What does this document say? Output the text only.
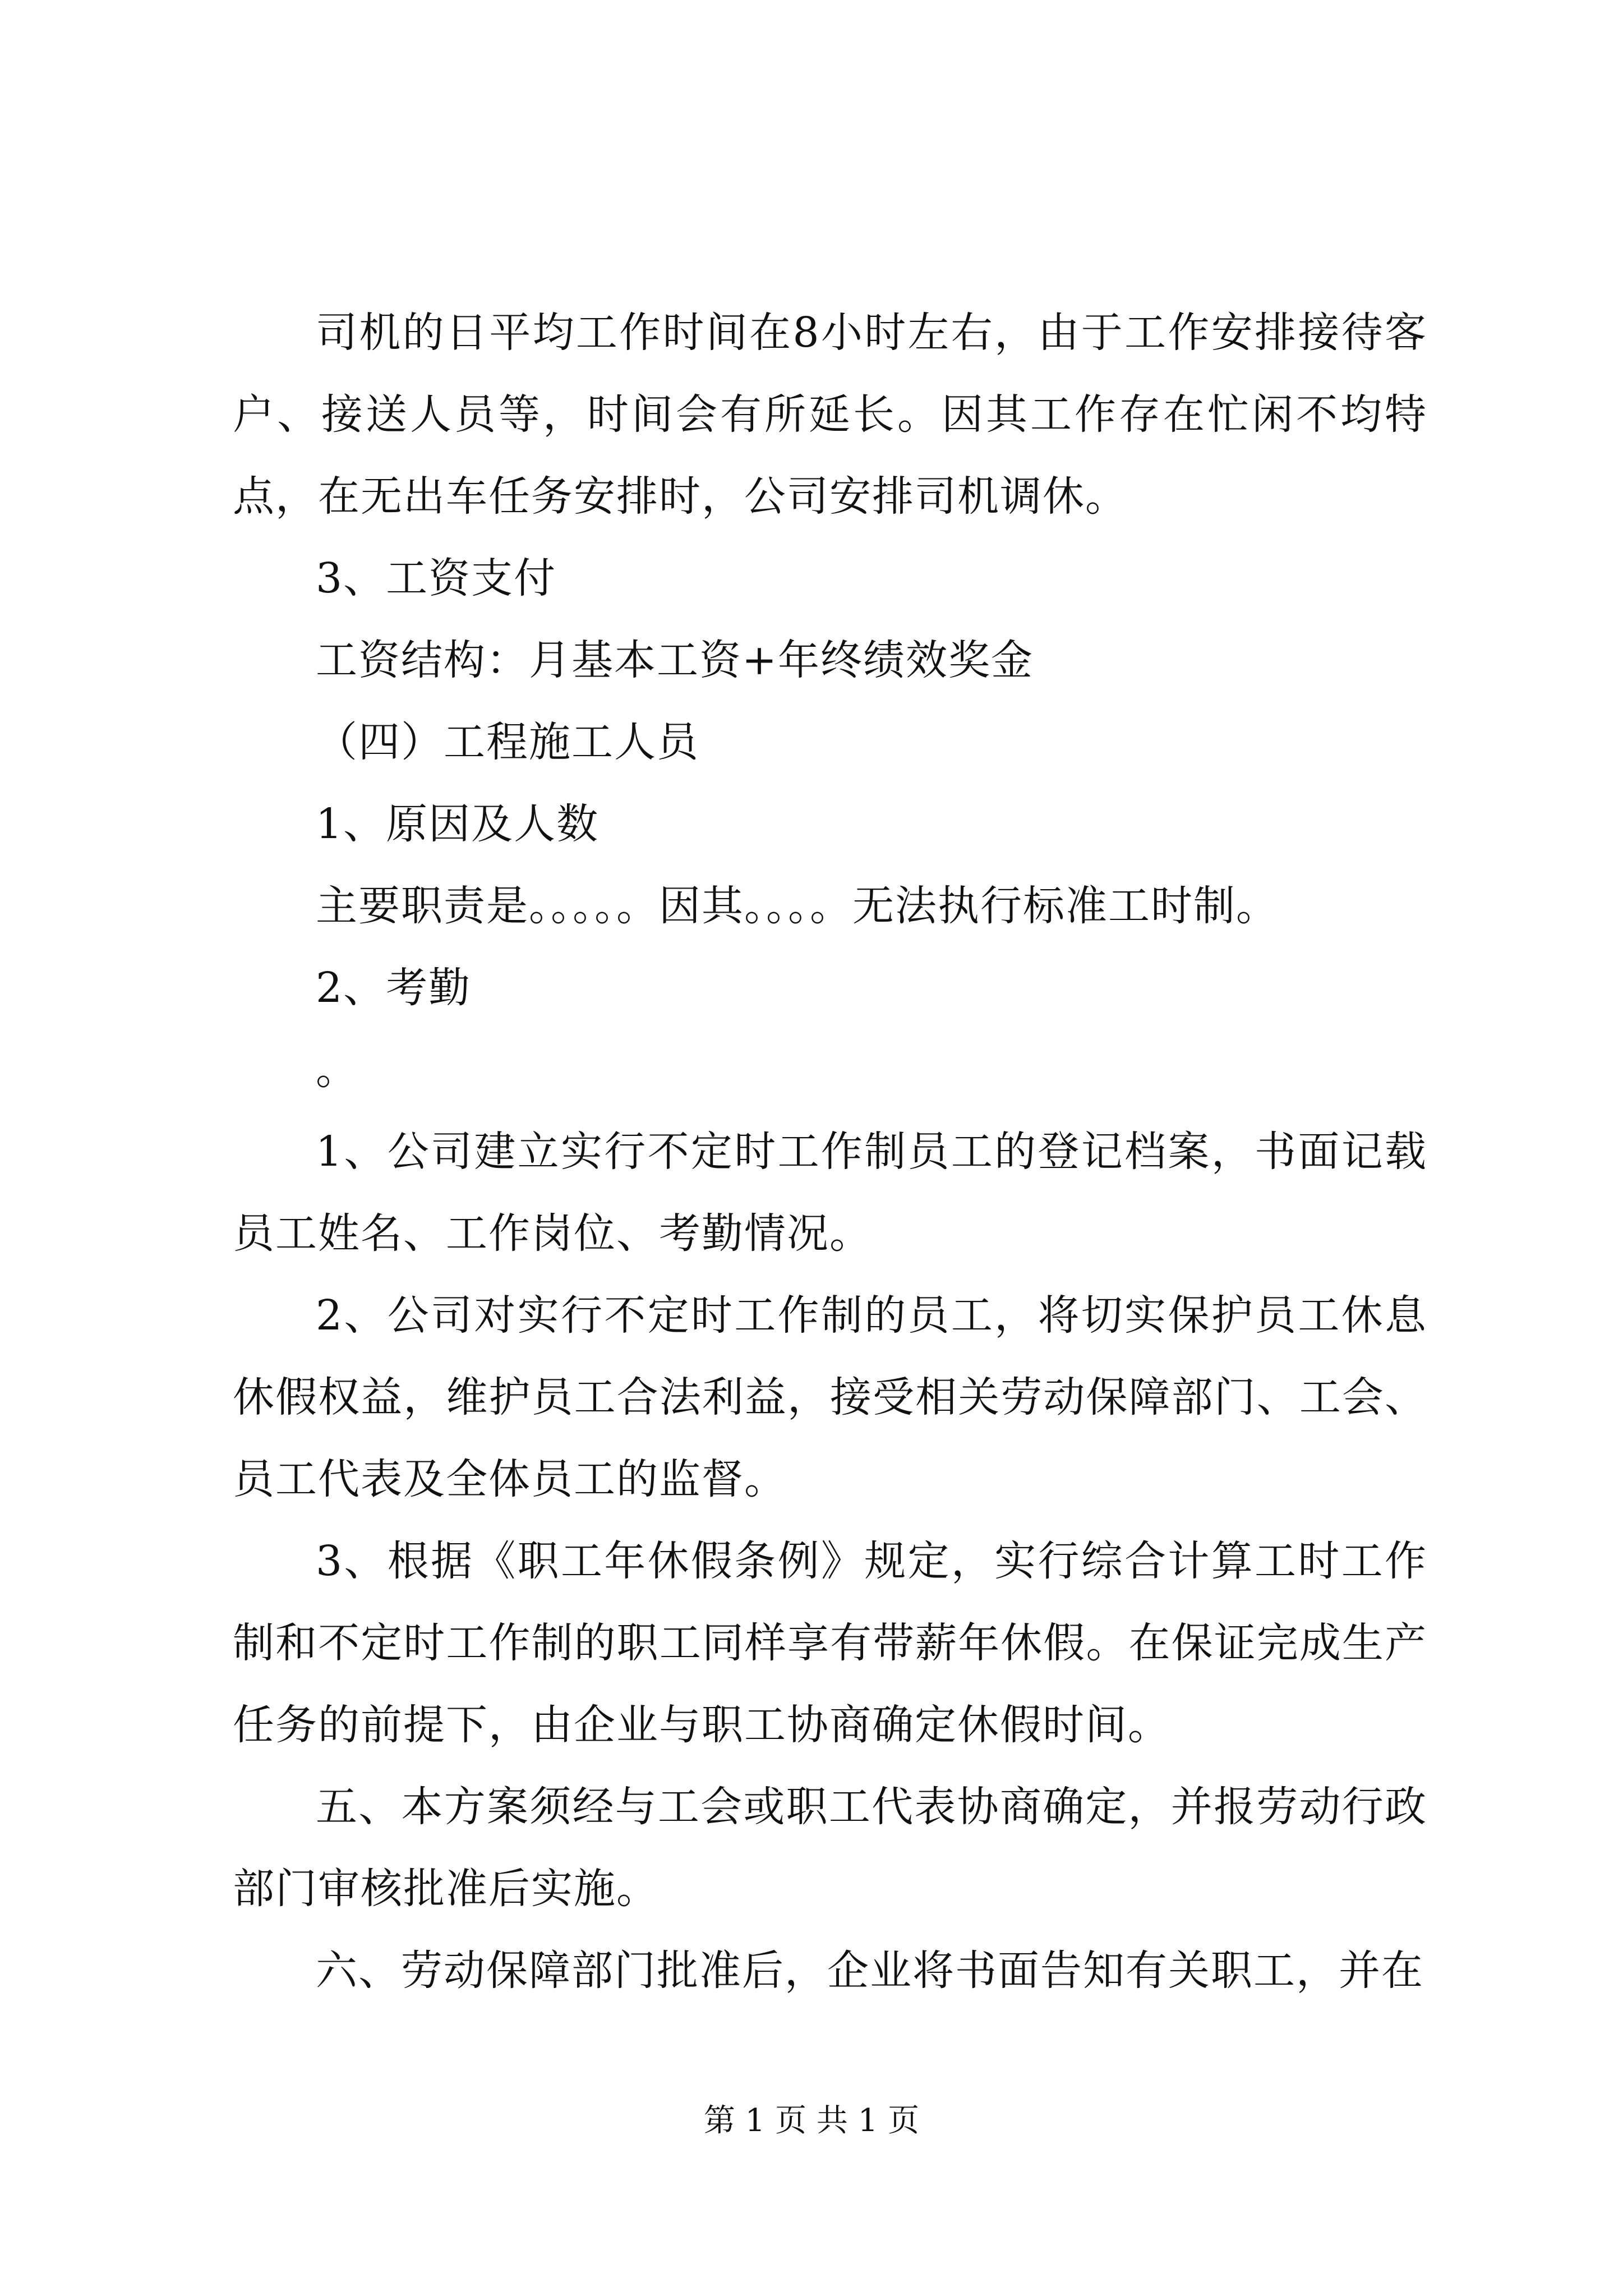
司机的日平均工作时间在8小时左右，由于工作安排接待客户、接送人员等，时间会有所延长。因其工作存在忙闲不均特点，在无出车任务安排时，公司安排司机调休。

3、工资支付

工资结构：月基本工资+年终绩效奖金

（四）工程施工人员

1、原因及人数

主要职责是。。。。。因其。。。。无法执行标准工时制。

2、考勤

。

1、公司建立实行不定时工作制员工的登记档案，书面记载员工姓名、工作岗位、考勤情况。

2、公司对实行不定时工作制的员工，将切实保护员工休息休假权益，维护员工合法利益，接受相关劳动保障部门、工会、员工代表及全体员工的监督。

3、根据《职工年休假条例》规定，实行综合计算工时工作制和不定时工作制的职工同样享有带薪年休假。在保证完成生产任务的前提下，由企业与职工协商确定休假时间。

五、本方案须经与工会或职工代表协商确定，并报劳动行政部门审核批准后实施。

六、劳动保障部门批准后，企业将书面告知有关职工，并在

第 1 页 共 1 页
